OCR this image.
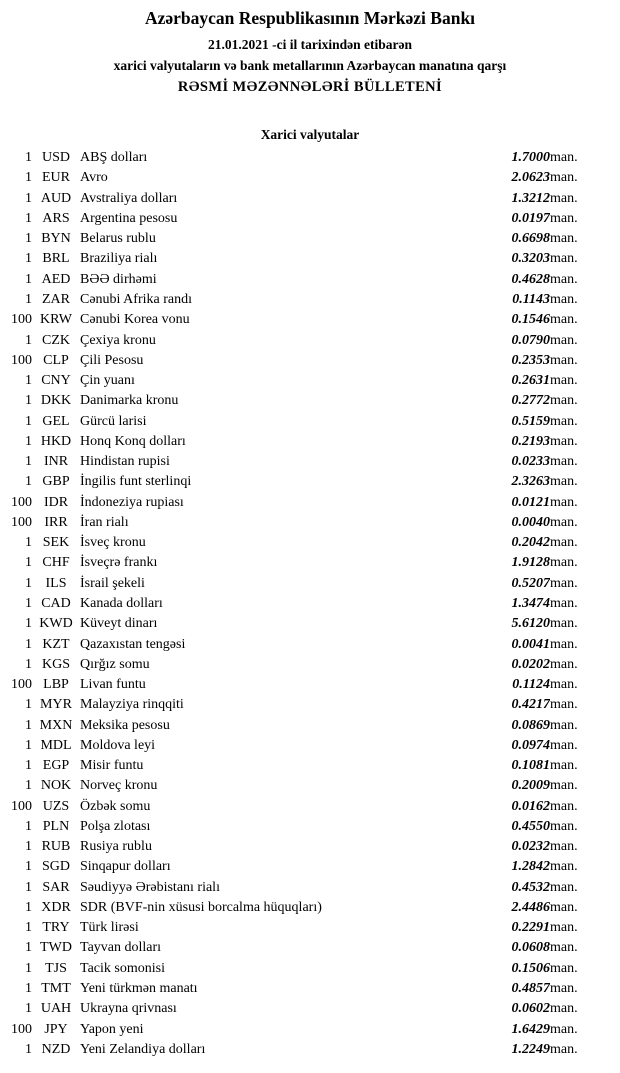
Azərbaycan Respublikasının Mərkəzi Bankı
21.01.2021 -ci il tarixindən etibarən
xarici valyutaların və bank metallarının Azərbaycan manatına qarşı
RƏSMİ MƏZƏNNƏLƏRİ BÜLLETENİ
Xarici valyutalar
1	USD	ABŞ dolları	1.7000	man.
1	EUR	Avro	2.0623	man.
1	AUD	Avstraliya dolları	1.3212	man.
1	ARS	Argentina pesosu	0.0197	man.
1	BYN	Belarus rublu	0.6698	man.
1	BRL	Braziliya rialı	0.3203	man.
1	AED	BƏƏ dirhəmi	0.4628	man.
1	ZAR	Cənubi Afrika randı	0.1143	man.
100	KRW	Cənubi Korea vonu	0.1546	man.
1	CZK	Çexiya kronu	0.0790	man.
100	CLP	Çili Pesosu	0.2353	man.
1	CNY	Çin yuanı	0.2631	man.
1	DKK	Danimarka kronu	0.2772	man.
1	GEL	Gürcü larisi	0.5159	man.
1	HKD	Honq Konq dolları	0.2193	man.
1	INR	Hindistan rupisi	0.0233	man.
1	GBP	İngilis funt sterlinqi	2.3263	man.
100	IDR	İndoneziya rupiası	0.0121	man.
100	IRR	İran rialı	0.0040	man.
1	SEK	İsveç kronu	0.2042	man.
1	CHF	İsveçrə frankı	1.9128	man.
1	ILS	İsrail şekeli	0.5207	man.
1	CAD	Kanada dolları	1.3474	man.
1	KWD	Küveyt dinarı	5.6120	man.
1	KZT	Qazaxıstan tengəsi	0.0041	man.
1	KGS	Qırğız somu	0.0202	man.
100	LBP	Livan funtu	0.1124	man.
1	MYR	Malayziya rinqqiti	0.4217	man.
1	MXN	Meksika pesosu	0.0869	man.
1	MDL	Moldova leyi	0.0974	man.
1	EGP	Misir funtu	0.1081	man.
1	NOK	Norveç kronu	0.2009	man.
100	UZS	Özbək somu	0.0162	man.
1	PLN	Polşa zlotası	0.4550	man.
1	RUB	Rusiya rublu	0.0232	man.
1	SGD	Sinqapur dolları	1.2842	man.
1	SAR	Səudiyyə Ərəbistanı rialı	0.4532	man.
1	XDR	SDR (BVF-nin xüsusi borcalma hüquqları)	2.4486	man.
1	TRY	Türk lirəsi	0.2291	man.
1	TWD	Tayvan dolları	0.0608	man.
1	TJS	Tacik somonisi	0.1506	man.
1	TMT	Yeni türkmən manatı	0.4857	man.
1	UAH	Ukrayna qrivnası	0.0602	man.
100	JPY	Yapon yeni	1.6429	man.
1	NZD	Yeni Zelandiya dolları	1.2249	man.
